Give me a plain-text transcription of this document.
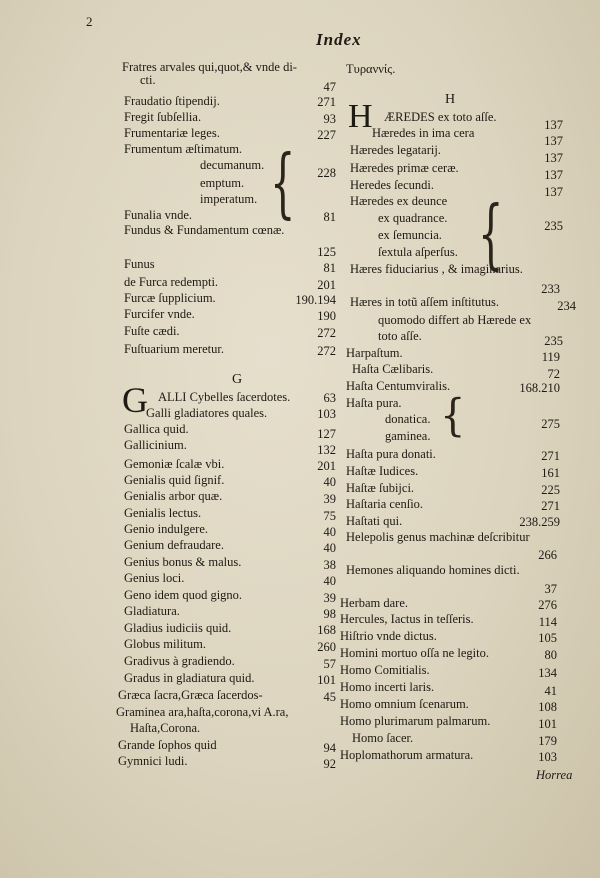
2
Index
Fratres arvales qui,quot,& vnde di-
cti.
Fraudatio ſtipendij.
Fregit ſubſellia.
Frumentariæ leges.
Frumentum æſtimatum.
decumanum.
emptum.
imperatum.
Funalia vnde.
Fundus & Fundamentum cœnæ.
Funus
de Furca redempti.
Furcæ ſupplicium.
Furcifer vnde.
Fuſte cædi.
Fuſtuarium meretur.
ALLI Cybelles ſacerdotes.
Galli gladiatores quales.
Gallica quid.
Gallicinium.
Gemoniæ ſcalæ vbi.
Genialis quid ſignif.
Genialis arbor quæ.
Genialis lectus.
Genio indulgere.
Genium defraudare.
Genius bonus & malus.
Genius loci.
Geno idem quod gigno.
Gladiatura.
Gladius iudiciis quid.
Globus militum.
Gradivus à gradiendo.
Gradus in gladiatura quid.
Græca ſacra,Græca ſacerdos-
Graminea ara,haſta,corona,vi A.ra,
Haſta,Corona.
Grande ſophos quid
Gymnici ludi.
47
271
93
227
228
81
125
81
201
190.194
190
272
272
63
103
127
132
201
40
39
75
40
40
38
40
39
98
168
260
57
101
45
94
92
Τυραννίς.
ÆREDES ex toto aſſe.
Hæredes in ima cera
Hæredes legatarij.
Hæredes primæ ceræ.
Heredes ſecundi.
Hæredes ex deunce
ex quadrance.
ex ſemuncia.
ſextula aſperſus.
Hæres fiduciarius , & imaginarius.
Hæres in totũ aſſem inſtitutus.
quomodo differt ab Hærede ex
toto aſſe.
Harpaſtum.
Haſta Cælibaris.
Haſta Centumviralis.
Haſta pura.
donatica.
gaminea.
Haſta pura donati.
Haſtæ Iudices.
Haſtæ ſubijci.
Haſtaria cenſio.
Haſtati qui.
Helepolis genus machinæ deſcribitur
Hemones aliquando homines dicti.
Herbam dare.
Hercules, Iactus in teſſeris.
Hiſtrio vnde dictus.
Homini mortuo oſſa ne legito.
Homo Comitialis.
Homo incerti laris.
Homo omnium ſcenarum.
Homo plurimarum palmarum.
Homo ſacer.
Hoplomathorum armatura.
137
137
137
137
137
235
233
234
235
119
72
168.210
275
271
161
225
271
238.259
266
37
276
114
105
80
134
41
108
101
179
103
H
G
{
{
{
H
G
Horrea
